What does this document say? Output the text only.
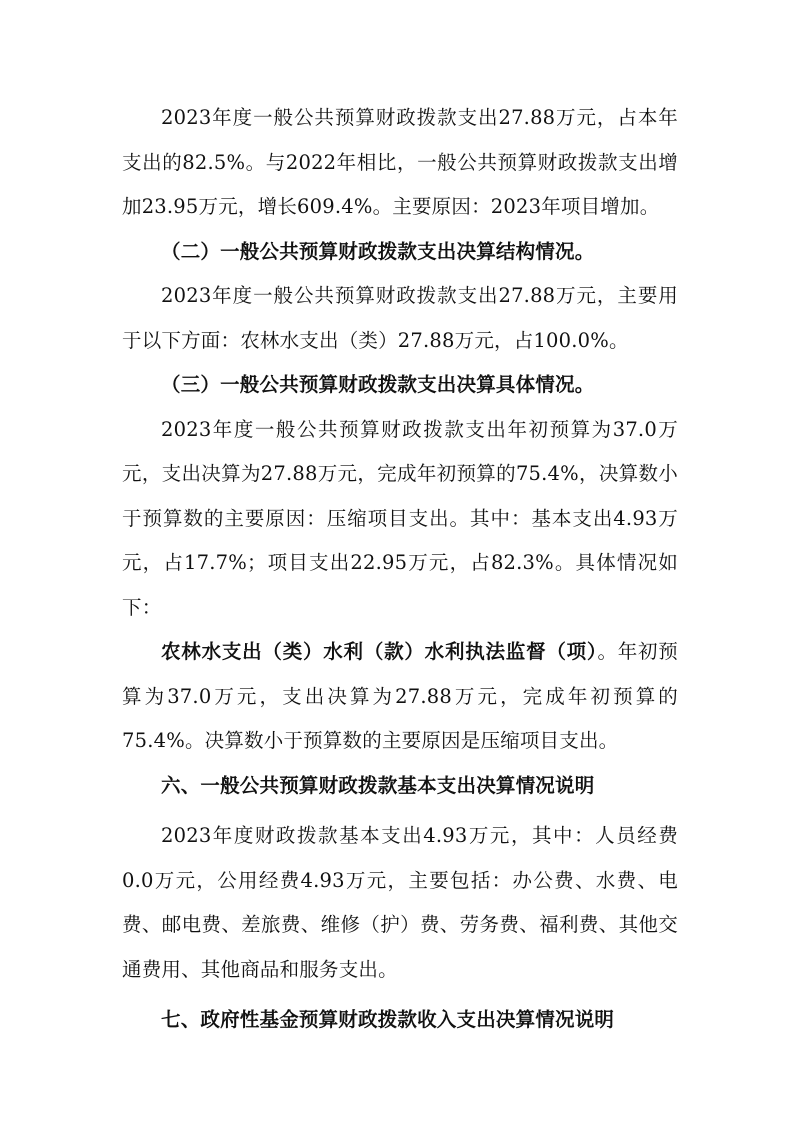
2023年度一般公共预算财政拨款支出27.88万元，占本年支出的82.5%。与2022年相比，一般公共预算财政拨款支出增加23.95万元，增长609.4%。主要原因：2023年项目增加。

（二）一般公共预算财政拨款支出决算结构情况。

2023年度一般公共预算财政拨款支出27.88万元，主要用于以下方面：农林水支出（类）27.88万元，占100.0%。

（三）一般公共预算财政拨款支出决算具体情况。

2023年度一般公共预算财政拨款支出年初预算为37.0万元，支出决算为27.88万元，完成年初预算的75.4%，决算数小于预算数的主要原因：压缩项目支出。其中：基本支出4.93万元，占17.7%；项目支出22.95万元，占82.3%。具体情况如下：

农林水支出（类）水利（款）水利执法监督（项）。年初预算为37.0万元，支出决算为27.88万元，完成年初预算的75.4%。决算数小于预算数的主要原因是压缩项目支出。

六、一般公共预算财政拨款基本支出决算情况说明

2023年度财政拨款基本支出4.93万元，其中：人员经费0.0万元，公用经费4.93万元，主要包括：办公费、水费、电费、邮电费、差旅费、维修（护）费、劳务费、福利费、其他交通费用、其他商品和服务支出。

七、政府性基金预算财政拨款收入支出决算情况说明
